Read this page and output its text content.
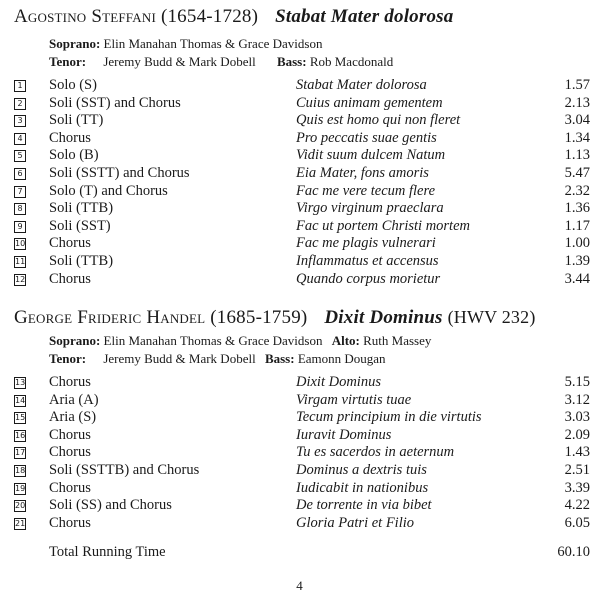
Agostino Steffani (1654-1728) Stabat Mater dolorosa
Soprano: Elin Manahan Thomas & Grace Davidson
Tenor: Jeremy Budd & Mark Dobell Bass: Rob Macdonald
1 Solo (S)	Stabat Mater dolorosa	1.57
2 Soli (SST) and Chorus	Cuius animam gementem	2.13
3 Soli (TT)	Quis est homo qui non fleret	3.04
4 Chorus	Pro peccatis suae gentis	1.34
5 Solo (B)	Vidit suum dulcem Natum	1.13
6 Soli (SSTT) and Chorus	Eia Mater, fons amoris	5.47
7 Solo (T) and Chorus	Fac me vere tecum flere	2.32
8 Soli (TTB)	Virgo virginum praeclara	1.36
9 Soli (SST)	Fac ut portem Christi mortem	1.17
10 Chorus	Fac me plagis vulnerari	1.00
11 Soli (TTB)	Inflammatus et accensus	1.39
12 Chorus	Quando corpus morietur	3.44
George Frideric Handel (1685-1759) Dixit Dominus (HWV 232)
Soprano: Elin Manahan Thomas & Grace Davidson Alto: Ruth Massey
Tenor: Jeremy Budd & Mark Dobell Bass: Eamonn Dougan
13 Chorus	Dixit Dominus	5.15
14 Aria (A)	Virgam virtutis tuae	3.12
15 Aria (S)	Tecum principium in die virtutis	3.03
16 Chorus	Iuravit Dominus	2.09
17 Chorus	Tu es sacerdos in aeternum	1.43
18 Soli (SSTTB) and Chorus	Dominus a dextris tuis	2.51
19 Chorus	Iudicabit in nationibus	3.39
20 Soli (SS) and Chorus	De torrente in via bibet	4.22
21 Chorus	Gloria Patri et Filio	6.05
Total Running Time	60.10
4
